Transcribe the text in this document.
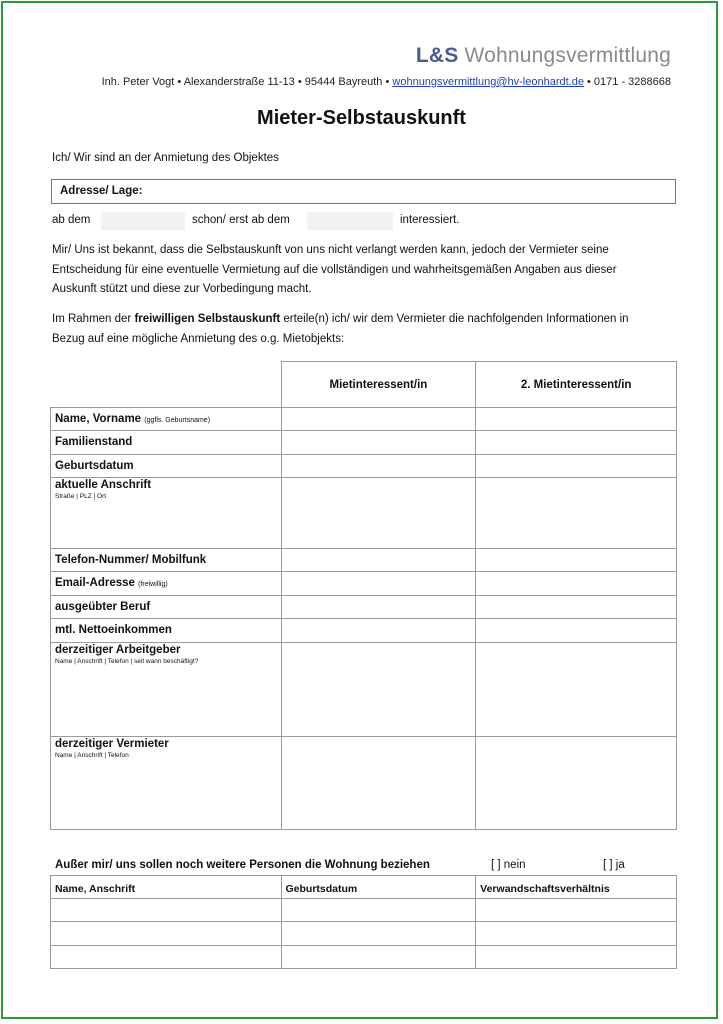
L&S Wohnungsvermittlung
Inh. Peter Vogt • Alexanderstraße 11-13 • 95444 Bayreuth • wohnungsvermittlung@hv-leonhardt.de • 0171 - 3288668
Mieter-Selbstauskunft
Ich/ Wir sind an der Anmietung des Objektes
Adresse/ Lage:
ab dem	schon/ erst ab dem	interessiert.
Mir/ Uns ist bekannt, dass die Selbstauskunft von uns nicht verlangt werden kann, jedoch der Vermieter seine
Entscheidung für eine eventuelle Vermietung auf die vollständigen und wahrheitsgemäßen Angaben aus dieser
Auskunft stützt und diese zur Vorbedingung macht.
Im Rahmen der freiwilligen Selbstauskunft erteile(n) ich/ wir dem Vermieter die nachfolgenden Informationen in
Bezug auf eine mögliche Anmietung des o.g. Mietobjekts:
	Mietinteressent/in	2. Mietinteressent/in
Name, Vorname (ggfls. Geburtsname)		
Familienstand		
Geburtsdatum		
aktuelle Anschrift
Straße | PLZ | Ort		

Telefon-Nummer/ Mobilfunk		
Email-Adresse (freiwillig)		
ausgeübter Beruf		
mtl. Nettoeinkommen		
derzeitiger Arbeitgeber
Name | Anschrift | Telefon | seit wann beschäftigt?		

derzeitiger Vermieter
Name | Anschrift | Telefon		

Außer mir/ uns sollen noch weitere Personen die Wohnung beziehen	[ ] nein	[ ] ja
Name, Anschrift	Geburtsdatum	Verwandschaftsverhältnis
